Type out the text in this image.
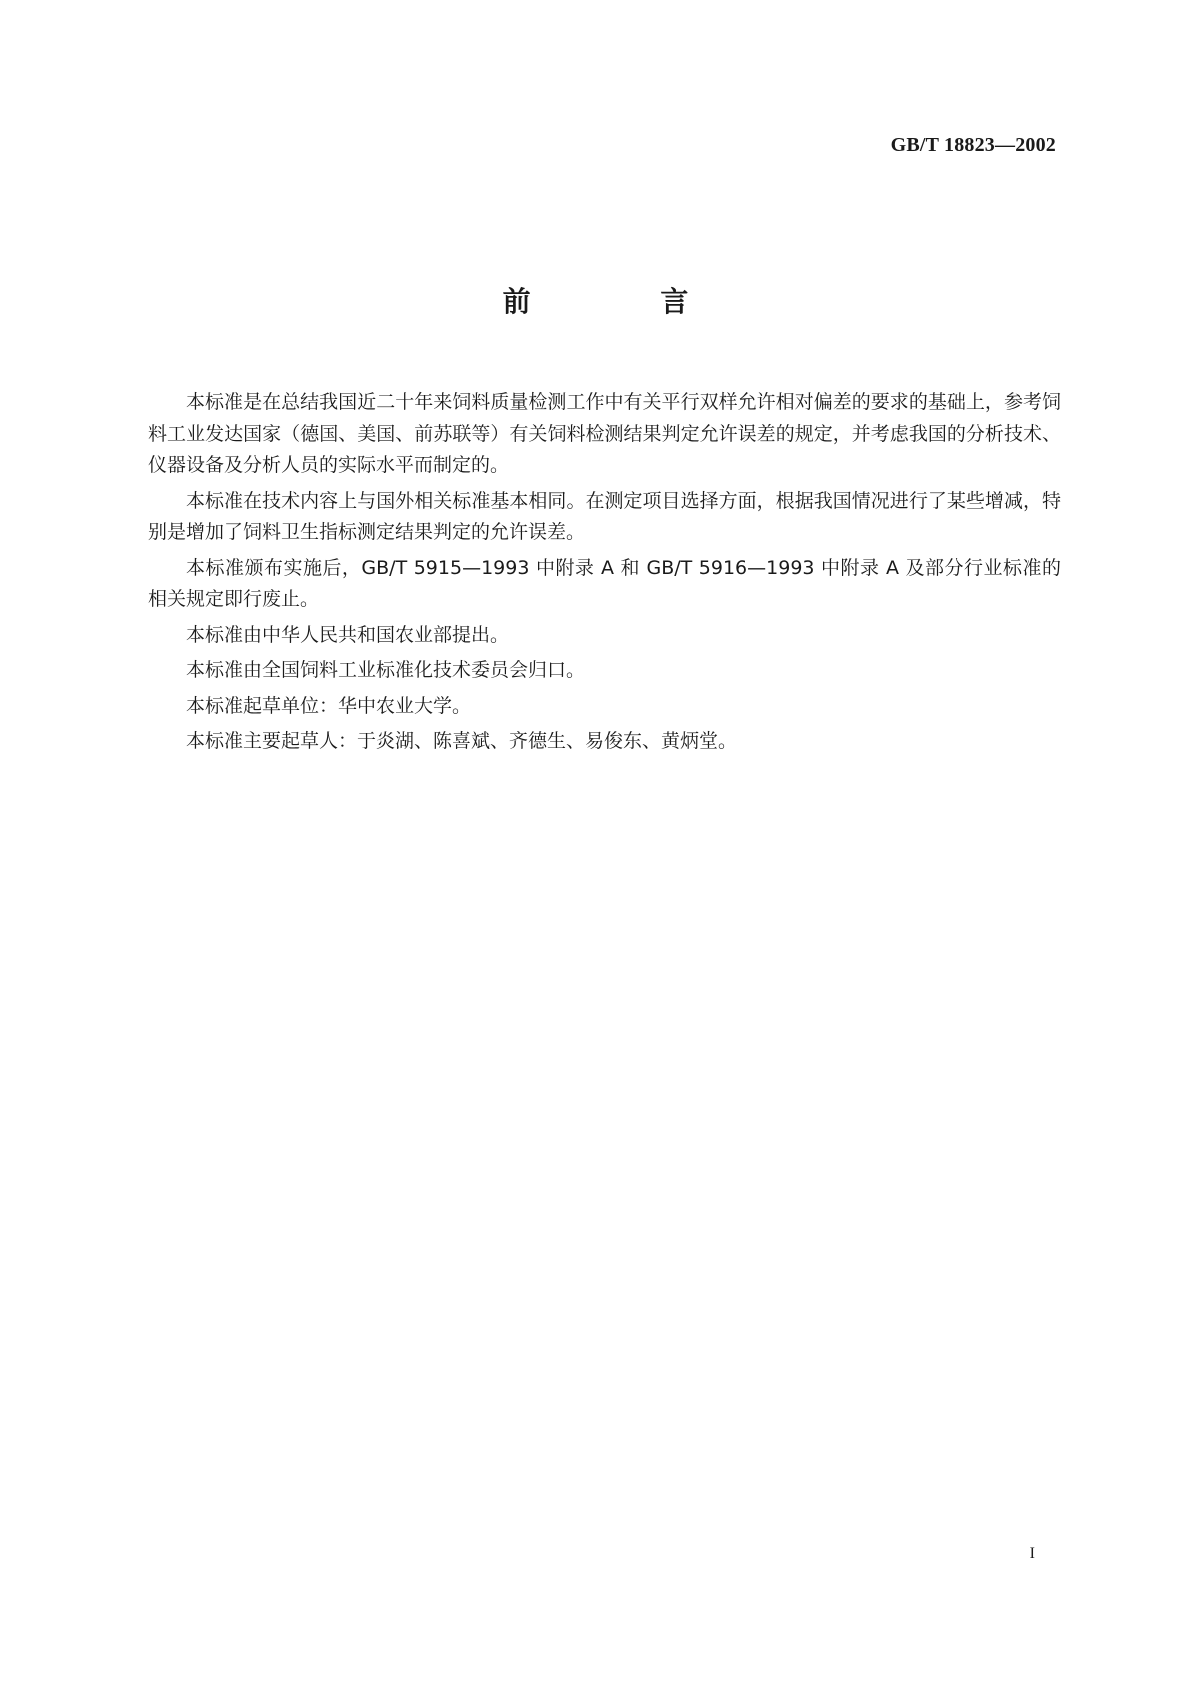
GB/T 18823—2002
前 言

本标准是在总结我国近二十年来饲料质量检测工作中有关平行双样允许相对偏差的要求的基础上，参考饲料工业发达国家（德国、美国、前苏联等）有关饲料检测结果判定允许误差的规定，并考虑我国的分析技术、仪器设备及分析人员的实际水平而制定的。

本标准在技术内容上与国外相关标准基本相同。在测定项目选择方面，根据我国情况进行了某些增减，特别是增加了饲料卫生指标测定结果判定的允许误差。

本标准颁布实施后，GB/T 5915—1993 中附录 A 和 GB/T 5916—1993 中附录 A 及部分行业标准的相关规定即行废止。

本标准由中华人民共和国农业部提出。

本标准由全国饲料工业标准化技术委员会归口。

本标准起草单位：华中农业大学。

本标准主要起草人：于炎湖、陈喜斌、齐德生、易俊东、黄炳堂。

I
